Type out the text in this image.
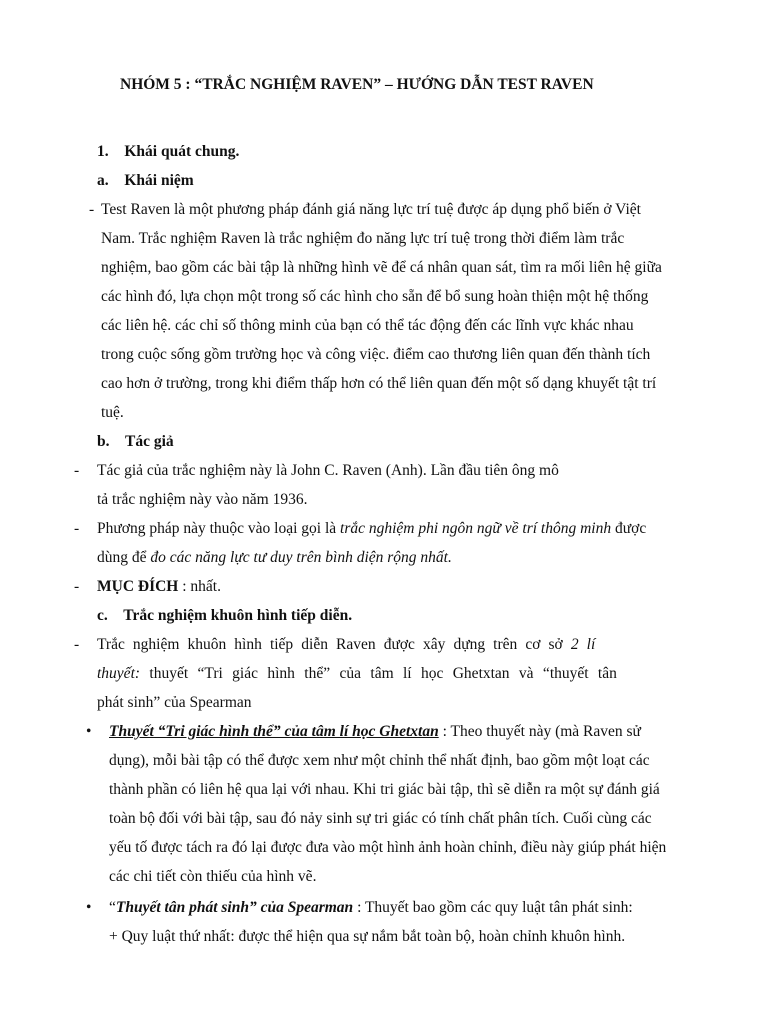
NHÓM 5 : “TRẮC NGHIỆM RAVEN” – HƯỚNG DẪN TEST RAVEN
1. Khái quát chung.
a. Khái niệm
- Test Raven là một phương pháp đánh giá năng lực trí tuệ được áp dụng phổ biến ở Việt
Nam. Trắc nghiệm Raven là trắc nghiệm đo năng lực trí tuệ trong thời điểm làm trắc
nghiệm, bao gồm các bài tập là những hình vẽ để cá nhân quan sát, tìm ra mối liên hệ giữa
các hình đó, lựa chọn một trong số các hình cho sẵn để bổ sung hoàn thiện một hệ thống
các liên hệ. các chỉ số thông minh của bạn có thể tác động đến các lĩnh vực khác nhau
trong cuộc sống gồm trường học và công việc. điểm cao thương liên quan đến thành tích
cao hơn ở trường, trong khi điểm thấp hơn có thể liên quan đến một số dạng khuyết tật trí
tuệ.
b. Tác giả
- Tác giả của trắc nghiệm này là John C. Raven (Anh). Lần đầu tiên ông mô
tả trắc nghiệm này vào năm 1936.
- Phương pháp này thuộc vào loại gọi là trắc nghiệm phi ngôn ngữ về trí thông minh được
dùng để đo các năng lực tư duy trên bình diện rộng nhất.
- MỤC ĐÍCH : nhất.
c. Trắc nghiệm khuôn hình tiếp diễn.
- Trắc nghiệm khuôn hình tiếp diễn Raven được xây dựng trên cơ sở 2 lí
thuyết: thuyết “Tri giác hình thể” của tâm lí học Ghetxtan và “thuyết tân
phát sinh” của Spearman
• Thuyết “Tri giác hình thể” của tâm lí học Ghetxtan : Theo thuyết này (mà Raven sử
dụng), mỗi bài tập có thể được xem như một chỉnh thể nhất định, bao gồm một loạt các
thành phần có liên hệ qua lại với nhau. Khi tri giác bài tập, thì sẽ diễn ra một sự đánh giá
toàn bộ đối với bài tập, sau đó nảy sinh sự tri giác có tính chất phân tích. Cuối cùng các
yếu tố được tách ra đó lại được đưa vào một hình ảnh hoàn chỉnh, điều này giúp phát hiện
các chi tiết còn thiếu của hình vẽ.
• “Thuyết tân phát sinh” của Spearman : Thuyết bao gồm các quy luật tân phát sinh:
+ Quy luật thứ nhất: được thể hiện qua sự nắm bắt toàn bộ, hoàn chỉnh khuôn hình.
